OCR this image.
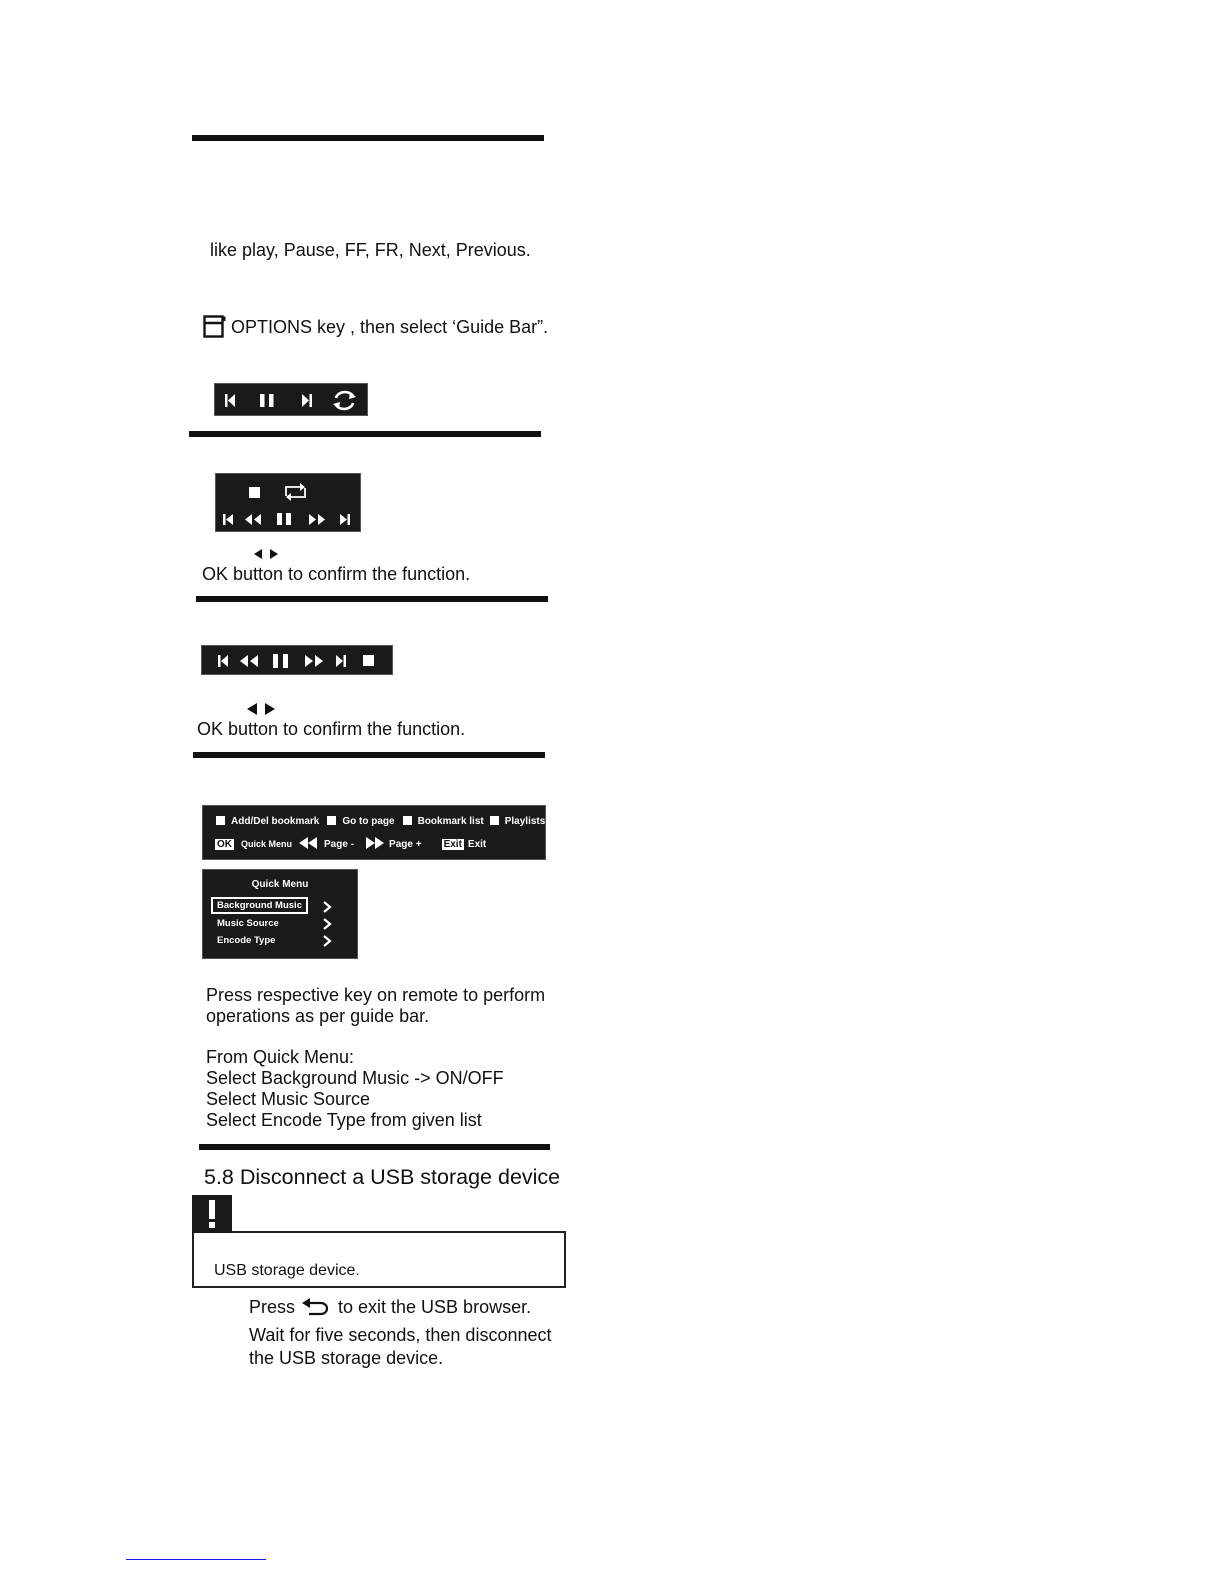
like play, Pause, FF, FR, Next, Previous.

OPTIONS key , then select ‘Guide Bar”.

OK button to confirm the function.

OK button to confirm the function.

Add/Del bookmark Go to page Bookmark list Playlists
OK Quick Menu	Page -	Page + Exit Exit
Quick Menu
Background Music
Music Source
Encode Type

Press respective key on remote to perform

operations as per guide bar.

From Quick Menu:

Select Background Music -> ON/OFF

Select Music Source

Select Encode Type from given list

5.8 Disconnect a USB storage device

USB storage device.

Press to exit the USB browser.

Wait for five seconds, then disconnect

the USB storage device.
